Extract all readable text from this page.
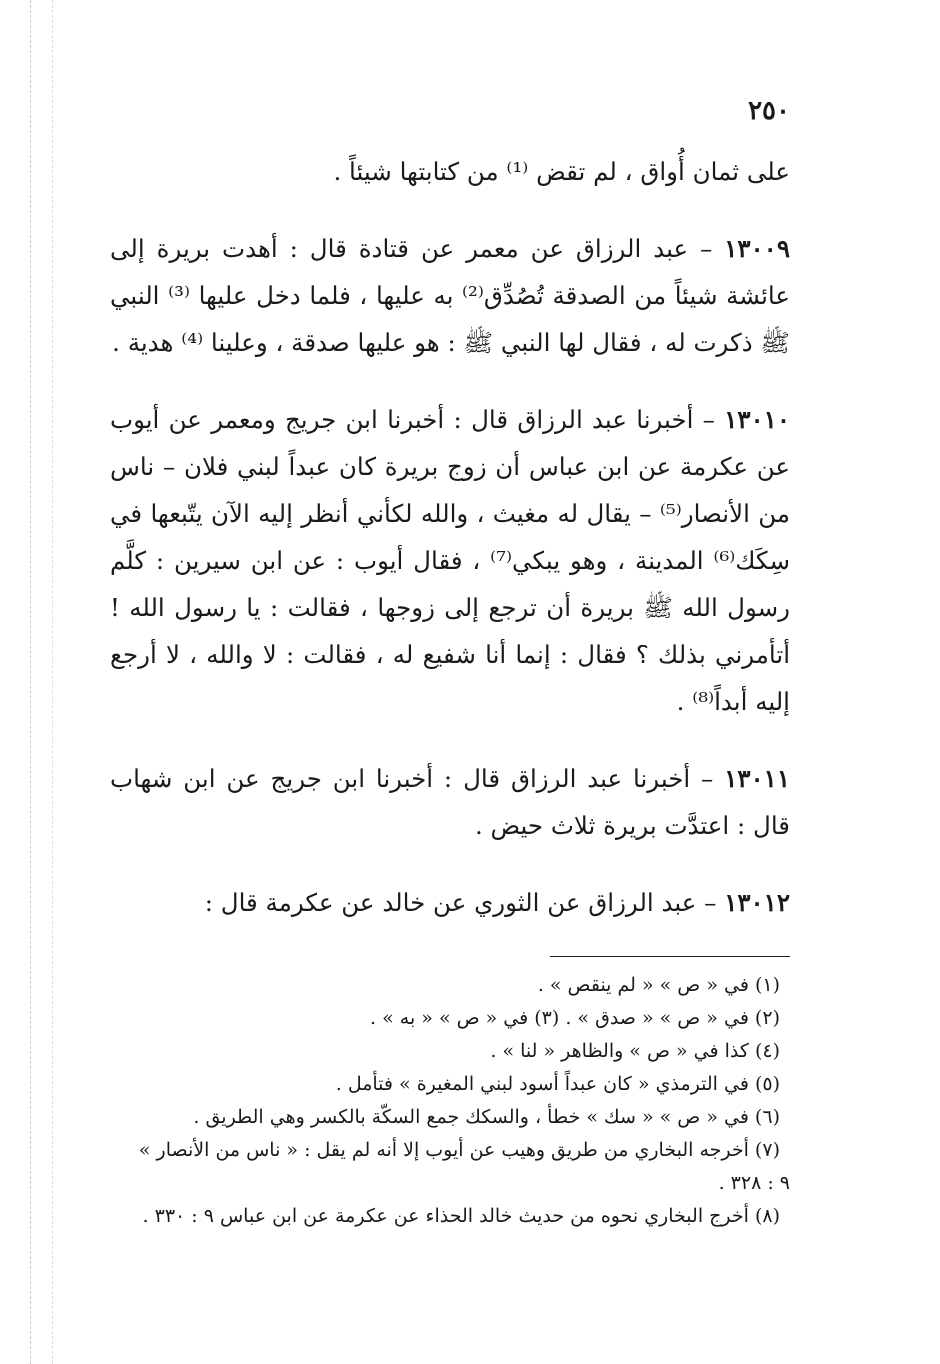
٢٥٠

على ثمان أُواق ، لم تقض ⁽¹⁾ من كتابتها شيئاً .

١٣٠٠٩ – عبد الرزاق عن معمر عن قتادة قال : أهدت بريرة إلى عائشة شيئاً من الصدقة تُصُدِّق⁽²⁾ به عليها ، فلما دخل عليها ⁽³⁾ النبي ﷺ ذكرت له ، فقال لها النبي ﷺ : هو عليها صدقة ، وعلينا ⁽⁴⁾ هدية .

١٣٠١٠ – أخبرنا عبد الرزاق قال : أخبرنا ابن جريج ومعمر عن أيوب عن عكرمة عن ابن عباس أن زوج بريرة كان عبداً لبني فلان – ناس من الأنصار⁽⁵⁾ – يقال له مغيث ، والله لكأني أنظر إليه الآن يتّبعها في سِكَك⁽⁶⁾ المدينة ، وهو يبكي⁽⁷⁾ ، فقال أيوب : عن ابن سيرين : كلَّم رسول الله ﷺ بريرة أن ترجع إلى زوجها ، فقالت : يا رسول الله ! أتأمرني بذلك ؟ فقال : إنما أنا شفيع له ، فقالت : لا والله ، لا أرجع إليه أبداً⁽⁸⁾ .

١٣٠١١ – أخبرنا عبد الرزاق قال : أخبرنا ابن جريج عن ابن شهاب قال : اعتدَّت بريرة ثلاث حيض .

١٣٠١٢ – عبد الرزاق عن الثوري عن خالد عن عكرمة قال :

(١) في « ص » « لم ينقص » .

(٢) في « ص » « صدق » . (٣) في « ص » « به » .

(٤) كذا في « ص » والظاهر « لنا » .

(٥) في الترمذي « كان عبداً أسود لبني المغيرة » فتأمل .

(٦) في « ص » « سك » خطأ ، والسكك جمع السكّة بالكسر وهي الطريق .

(٧) أخرجه البخاري من طريق وهيب عن أيوب إلا أنه لم يقل : « ناس من الأنصار »

٩ : ٣٢٨ .

(٨) أخرج البخاري نحوه من حديث خالد الحذاء عن عكرمة عن ابن عباس ٩ : ٣٣٠ .
